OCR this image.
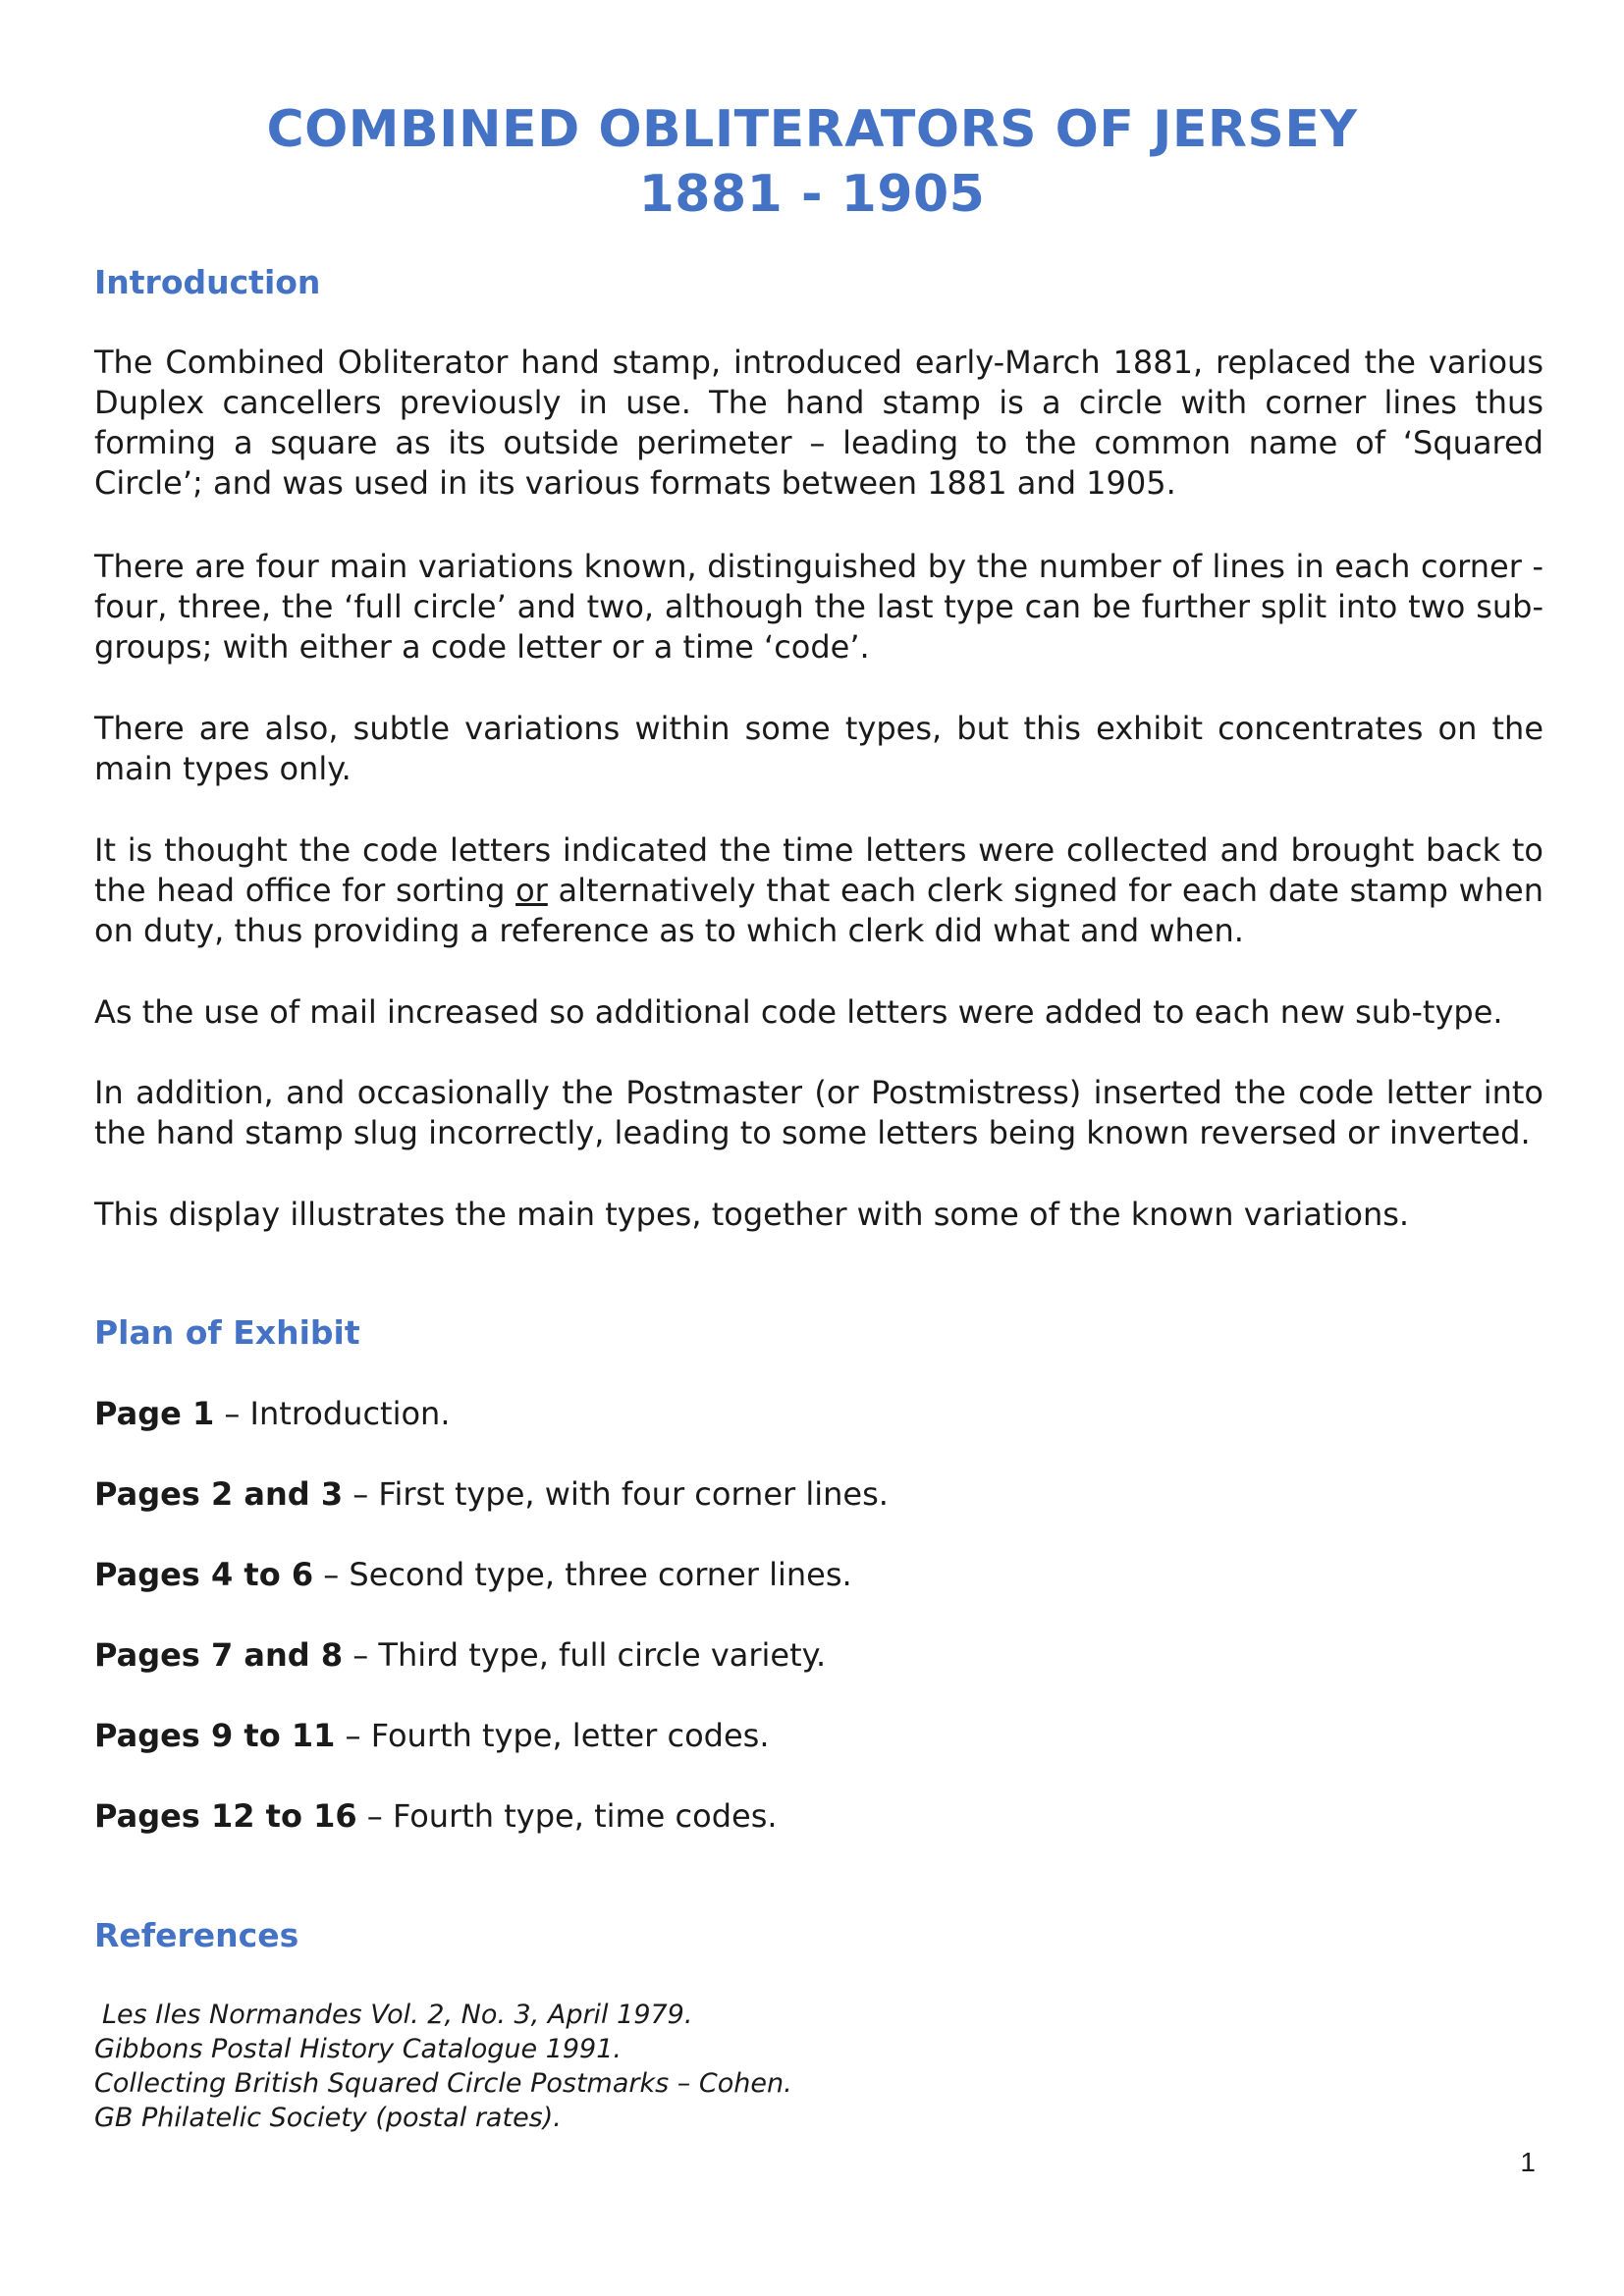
COMBINED OBLITERATORS OF JERSEY
1881 - 1905
Introduction

The Combined Obliterator hand stamp, introduced early-March 1881, replaced the various Duplex cancellers previously in use. The hand stamp is a circle with corner lines thus forming a square as its outside perimeter – leading to the common name of ‘Squared Circle’; and was used in its various formats between 1881 and 1905.

There are four main variations known, distinguished by the number of lines in each corner - four, three, the ‘full circle’ and two, although the last type can be further split into two sub-groups; with either a code letter or a time ‘code’.

There are also, subtle variations within some types, but this exhibit concentrates on the main types only.

It is thought the code letters indicated the time letters were collected and brought back to the head office for sorting or alternatively that each clerk signed for each date stamp when on duty, thus providing a reference as to which clerk did what and when.

As the use of mail increased so additional code letters were added to each new sub-type.

In addition, and occasionally the Postmaster (or Postmistress) inserted the code letter into the hand stamp slug incorrectly, leading to some letters being known reversed or inverted.

This display illustrates the main types, together with some of the known variations.

Plan of Exhibit
Page 1 – Introduction.
Pages 2 and 3 – First type, with four corner lines.
Pages 4 to 6 – Second type, three corner lines.
Pages 7 and 8 – Third type, full circle variety.
Pages 9 to 11 – Fourth type, letter codes.
Pages 12 to 16 – Fourth type, time codes.
References
Les Iles Normandes Vol. 2, No. 3, April 1979.
Gibbons Postal History Catalogue 1991.
Collecting British Squared Circle Postmarks – Cohen.
GB Philatelic Society (postal rates).
1
